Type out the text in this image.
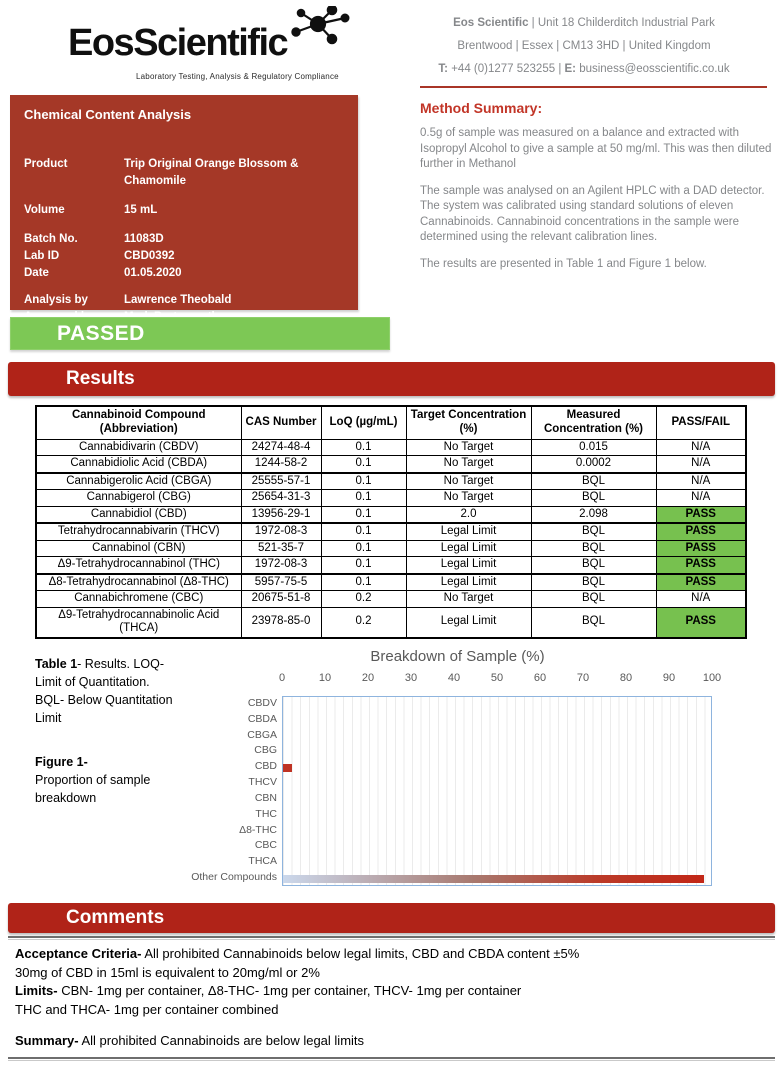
EosScientific
Laboratory Testing, Analysis & Regulatory Compliance
Eos Scientific | Unit 18 Childerditch Industrial Park
Brentwood | Essex | CM13 3HD | United Kingdom
T: +44 (0)1277 523255 | E: business@eosscientific.co.uk
Chemical Content Analysis
Product	Trip Original Orange Blossom & Chamomile
Volume	15 mL
Batch No.	11083D
Lab ID	CBD0392
Date	01.05.2020
Analysis by	Lawrence Theobald
Method Summary:

0.5g of sample was measured on a balance and extracted with Isopropyl Alcohol to give a sample at 50 mg/ml. This was then diluted further in Methanol

The sample was analysed on an Agilent HPLC with a DAD detector. The system was calibrated using standard solutions of eleven Cannabinoids. Cannabinoid concentrations in the sample were determined using the relevant calibration lines.

The results are presented in Table 1 and Figure 1 below.

PASSED
Results
Cannabinoid Compound (Abbreviation)	CAS Number	LoQ (µg/mL)	Target Concentration (%)	Measured Concentration (%)	PASS/FAIL
Cannabidivarin (CBDV)	24274-48-4	0.1	No Target	0.015	N/A
Cannabidiolic Acid (CBDA)	1244-58-2	0.1	No Target	0.0002	N/A
Cannabigerolic Acid (CBGA)	25555-57-1	0.1	No Target	BQL	N/A
Cannabigerol (CBG)	25654-31-3	0.1	No Target	BQL	N/A
Cannabidiol (CBD)	13956-29-1	0.1	2.0	2.098	PASS
Tetrahydrocannabivarin (THCV)	1972-08-3	0.1	Legal Limit	BQL	PASS
Cannabinol (CBN)	521-35-7	0.1	Legal Limit	BQL	PASS
Δ9-Tetrahydrocannabinol (THC)	1972-08-3	0.1	Legal Limit	BQL	PASS
Δ8-Tetrahydrocannabinol (Δ8-THC)	5957-75-5	0.1	Legal Limit	BQL	PASS
Cannabichromene (CBC)	20675-51-8	0.2	No Target	BQL	N/A
Δ9-Tetrahydrocannabinolic Acid (THCA)	23978-85-0	0.2	Legal Limit	BQL	PASS
Table 1- Results. LOQ- Limit of Quantitation. BQL- Below Quantitation Limit
Figure 1-
Proportion of sample breakdown
Breakdown of Sample (%)
0	10	20	30	40	50	60	70	80	90	100
CBDV
CBDA
CBGA
CBG
CBD
THCV
CBN
THC
Δ8-THC
CBC
THCA
Other Compounds
Comments
Acceptance Criteria- All prohibited Cannabinoids below legal limits, CBD and CBDA content ±5%
30mg of CBD in 15ml is equivalent to 20mg/ml or 2%
Limits- CBN- 1mg per container, Δ8-THC- 1mg per container, THCV- 1mg per container
THC and THCA- 1mg per container combined
Summary- All prohibited Cannabinoids are below legal limits
